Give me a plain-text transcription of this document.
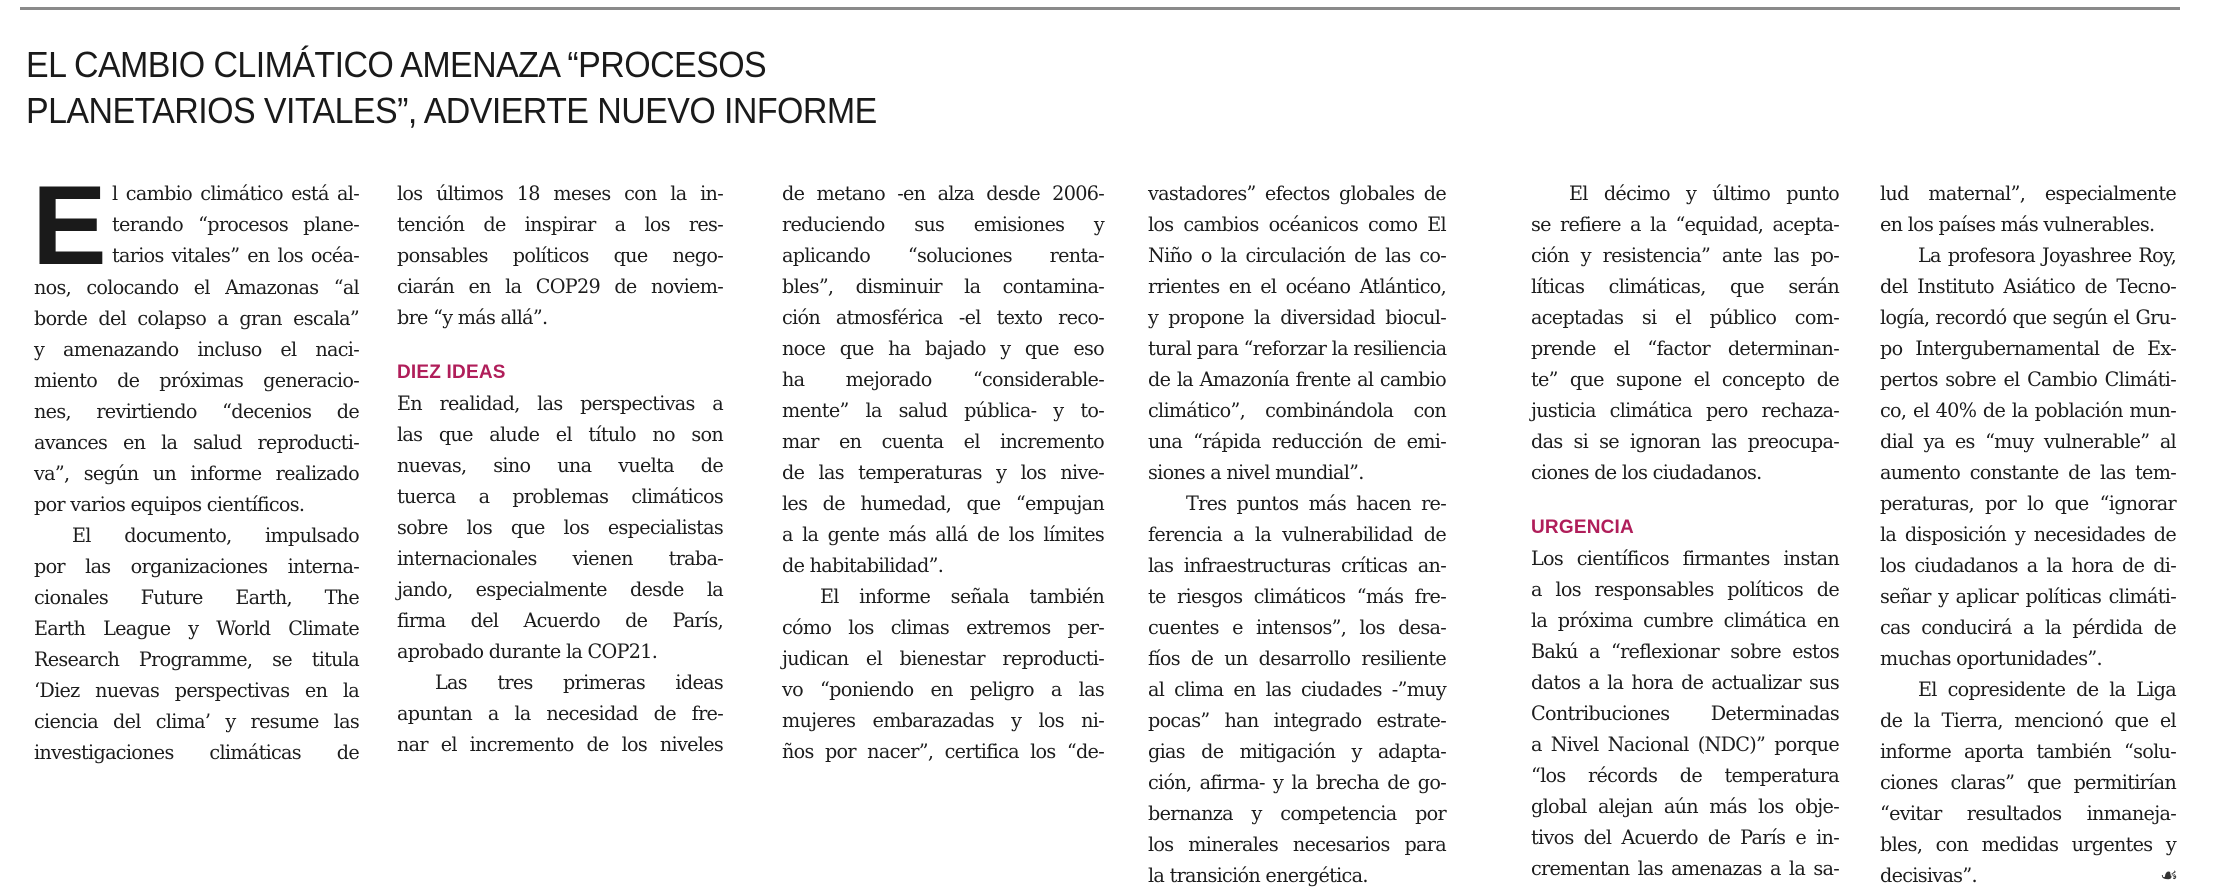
EL CAMBIO CLIMÁTICO AMENAZA “PROCESOS
PLANETARIOS VITALES”, ADVIERTE NUEVO INFORME
E l cambio climático está al-
terando “procesos plane-
tarios vitales” en los océa-
nos, colocando el Amazonas “al
borde del colapso a gran escala”
y amenazando incluso el naci-
miento de próximas generacio-
nes, revirtiendo “decenios de
avances en la salud reproducti-
va”, según un informe realizado
por varios equipos científicos.
El documento, impulsado
por las organizaciones interna-
cionales Future Earth, The
Earth League y World Climate
Research Programme, se titula
‘Diez nuevas perspectivas en la
ciencia del clima’ y resume las
investigaciones climáticas de
los últimos 18 meses con la in-
tención de inspirar a los res-
ponsables políticos que nego-
ciarán en la COP29 de noviem-
bre “y más allá”.
DIEZ IDEAS
En realidad, las perspectivas a
las que alude el título no son
nuevas, sino una vuelta de
tuerca a problemas climáticos
sobre los que los especialistas
internacionales vienen traba-
jando, especialmente desde la
firma del Acuerdo de París,
aprobado durante la COP21.
Las tres primeras ideas
apuntan a la necesidad de fre-
nar el incremento de los niveles
de metano -en alza desde 2006-
reduciendo sus emisiones y
aplicando “soluciones renta-
bles”, disminuir la contamina-
ción atmosférica -el texto reco-
noce que ha bajado y que eso
ha mejorado “considerable-
mente” la salud pública- y to-
mar en cuenta el incremento
de las temperaturas y los nive-
les de humedad, que “empujan
a la gente más allá de los límites
de habitabilidad”.
El informe señala también
cómo los climas extremos per-
judican el bienestar reproducti-
vo “poniendo en peligro a las
mujeres embarazadas y los ni-
ños por nacer”, certifica los “de-
vastadores” efectos globales de
los cambios océanicos como El
Niño o la circulación de las co-
rrientes en el océano Atlántico,
y propone la diversidad biocul-
tural para “reforzar la resiliencia
de la Amazonía frente al cambio
climático”, combinándola con
una “rápida reducción de emi-
siones a nivel mundial”.
Tres puntos más hacen re-
ferencia a la vulnerabilidad de
las infraestructuras críticas an-
te riesgos climáticos “más fre-
cuentes e intensos”, los desa-
fíos de un desarrollo resiliente
al clima en las ciudades -”muy
pocas” han integrado estrate-
gias de mitigación y adapta-
ción, afirma- y la brecha de go-
bernanza y competencia por
los minerales necesarios para
la transición energética.
El décimo y último punto
se refiere a la “equidad, acepta-
ción y resistencia” ante las po-
líticas climáticas, que serán
aceptadas si el público com-
prende el “factor determinan-
te” que supone el concepto de
justicia climática pero rechaza-
das si se ignoran las preocupa-
ciones de los ciudadanos.
URGENCIA
Los científicos firmantes instan
a los responsables políticos de
la próxima cumbre climática en
Bakú a “reflexionar sobre estos
datos a la hora de actualizar sus
Contribuciones Determinadas
a Nivel Nacional (NDC)” porque
“los récords de temperatura
global alejan aún más los obje-
tivos del Acuerdo de París e in-
crementan las amenazas a la sa-
lud maternal”, especialmente
en los países más vulnerables.
La profesora Joyashree Roy,
del Instituto Asiático de Tecno-
logía, recordó que según el Gru-
po Intergubernamental de Ex-
pertos sobre el Cambio Climáti-
co, el 40% de la población mun-
dial ya es “muy vulnerable” al
aumento constante de las tem-
peraturas, por lo que “ignorar
la disposición y necesidades de
los ciudadanos a la hora de di-
señar y aplicar políticas climáti-
cas conducirá a la pérdida de
muchas oportunidades”.
El copresidente de la Liga
de la Tierra, mencionó que el
informe aporta también “solu-
ciones claras” que permitirían
“evitar resultados inmaneja-
bles, con medidas urgentes y
decisivas”.	☙
